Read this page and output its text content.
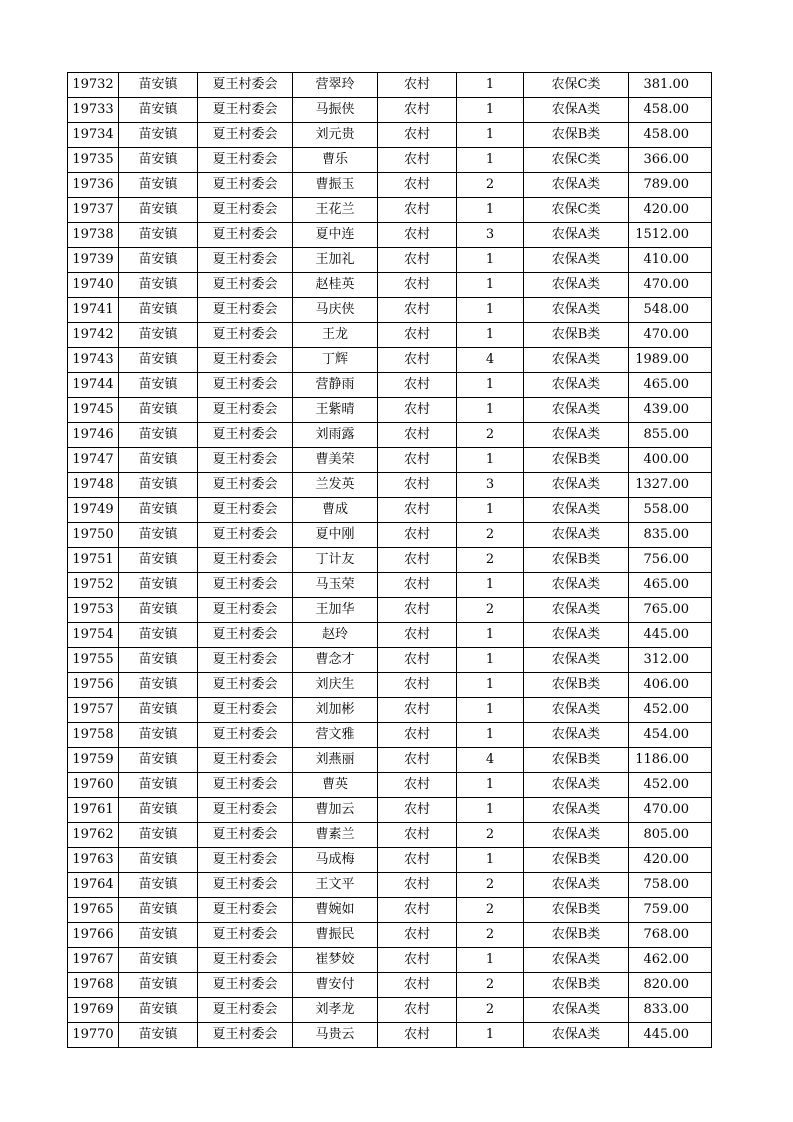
19732	苗安镇	夏王村委会	营翠玲	农村	1	农保C类	381.00
19733	苗安镇	夏王村委会	马振侠	农村	1	农保A类	458.00
19734	苗安镇	夏王村委会	刘元贵	农村	1	农保B类	458.00
19735	苗安镇	夏王村委会	曹乐	农村	1	农保C类	366.00
19736	苗安镇	夏王村委会	曹振玉	农村	2	农保A类	789.00
19737	苗安镇	夏王村委会	王花兰	农村	1	农保C类	420.00
19738	苗安镇	夏王村委会	夏中连	农村	3	农保A类	1512.00
19739	苗安镇	夏王村委会	王加礼	农村	1	农保A类	410.00
19740	苗安镇	夏王村委会	赵桂英	农村	1	农保A类	470.00
19741	苗安镇	夏王村委会	马庆侠	农村	1	农保A类	548.00
19742	苗安镇	夏王村委会	王龙	农村	1	农保B类	470.00
19743	苗安镇	夏王村委会	丁辉	农村	4	农保A类	1989.00
19744	苗安镇	夏王村委会	营静雨	农村	1	农保A类	465.00
19745	苗安镇	夏王村委会	王紫晴	农村	1	农保A类	439.00
19746	苗安镇	夏王村委会	刘雨露	农村	2	农保A类	855.00
19747	苗安镇	夏王村委会	曹美荣	农村	1	农保B类	400.00
19748	苗安镇	夏王村委会	兰发英	农村	3	农保A类	1327.00
19749	苗安镇	夏王村委会	曹成	农村	1	农保A类	558.00
19750	苗安镇	夏王村委会	夏中刚	农村	2	农保A类	835.00
19751	苗安镇	夏王村委会	丁计友	农村	2	农保B类	756.00
19752	苗安镇	夏王村委会	马玉荣	农村	1	农保A类	465.00
19753	苗安镇	夏王村委会	王加华	农村	2	农保A类	765.00
19754	苗安镇	夏王村委会	赵玲	农村	1	农保A类	445.00
19755	苗安镇	夏王村委会	曹念才	农村	1	农保A类	312.00
19756	苗安镇	夏王村委会	刘庆生	农村	1	农保B类	406.00
19757	苗安镇	夏王村委会	刘加彬	农村	1	农保A类	452.00
19758	苗安镇	夏王村委会	营文雅	农村	1	农保A类	454.00
19759	苗安镇	夏王村委会	刘燕丽	农村	4	农保B类	1186.00
19760	苗安镇	夏王村委会	曹英	农村	1	农保A类	452.00
19761	苗安镇	夏王村委会	曹加云	农村	1	农保A类	470.00
19762	苗安镇	夏王村委会	曹素兰	农村	2	农保A类	805.00
19763	苗安镇	夏王村委会	马成梅	农村	1	农保B类	420.00
19764	苗安镇	夏王村委会	王文平	农村	2	农保A类	758.00
19765	苗安镇	夏王村委会	曹婉如	农村	2	农保B类	759.00
19766	苗安镇	夏王村委会	曹振民	农村	2	农保B类	768.00
19767	苗安镇	夏王村委会	崔梦姣	农村	1	农保A类	462.00
19768	苗安镇	夏王村委会	曹安付	农村	2	农保B类	820.00
19769	苗安镇	夏王村委会	刘孝龙	农村	2	农保A类	833.00
19770	苗安镇	夏王村委会	马贵云	农村	1	农保A类	445.00
